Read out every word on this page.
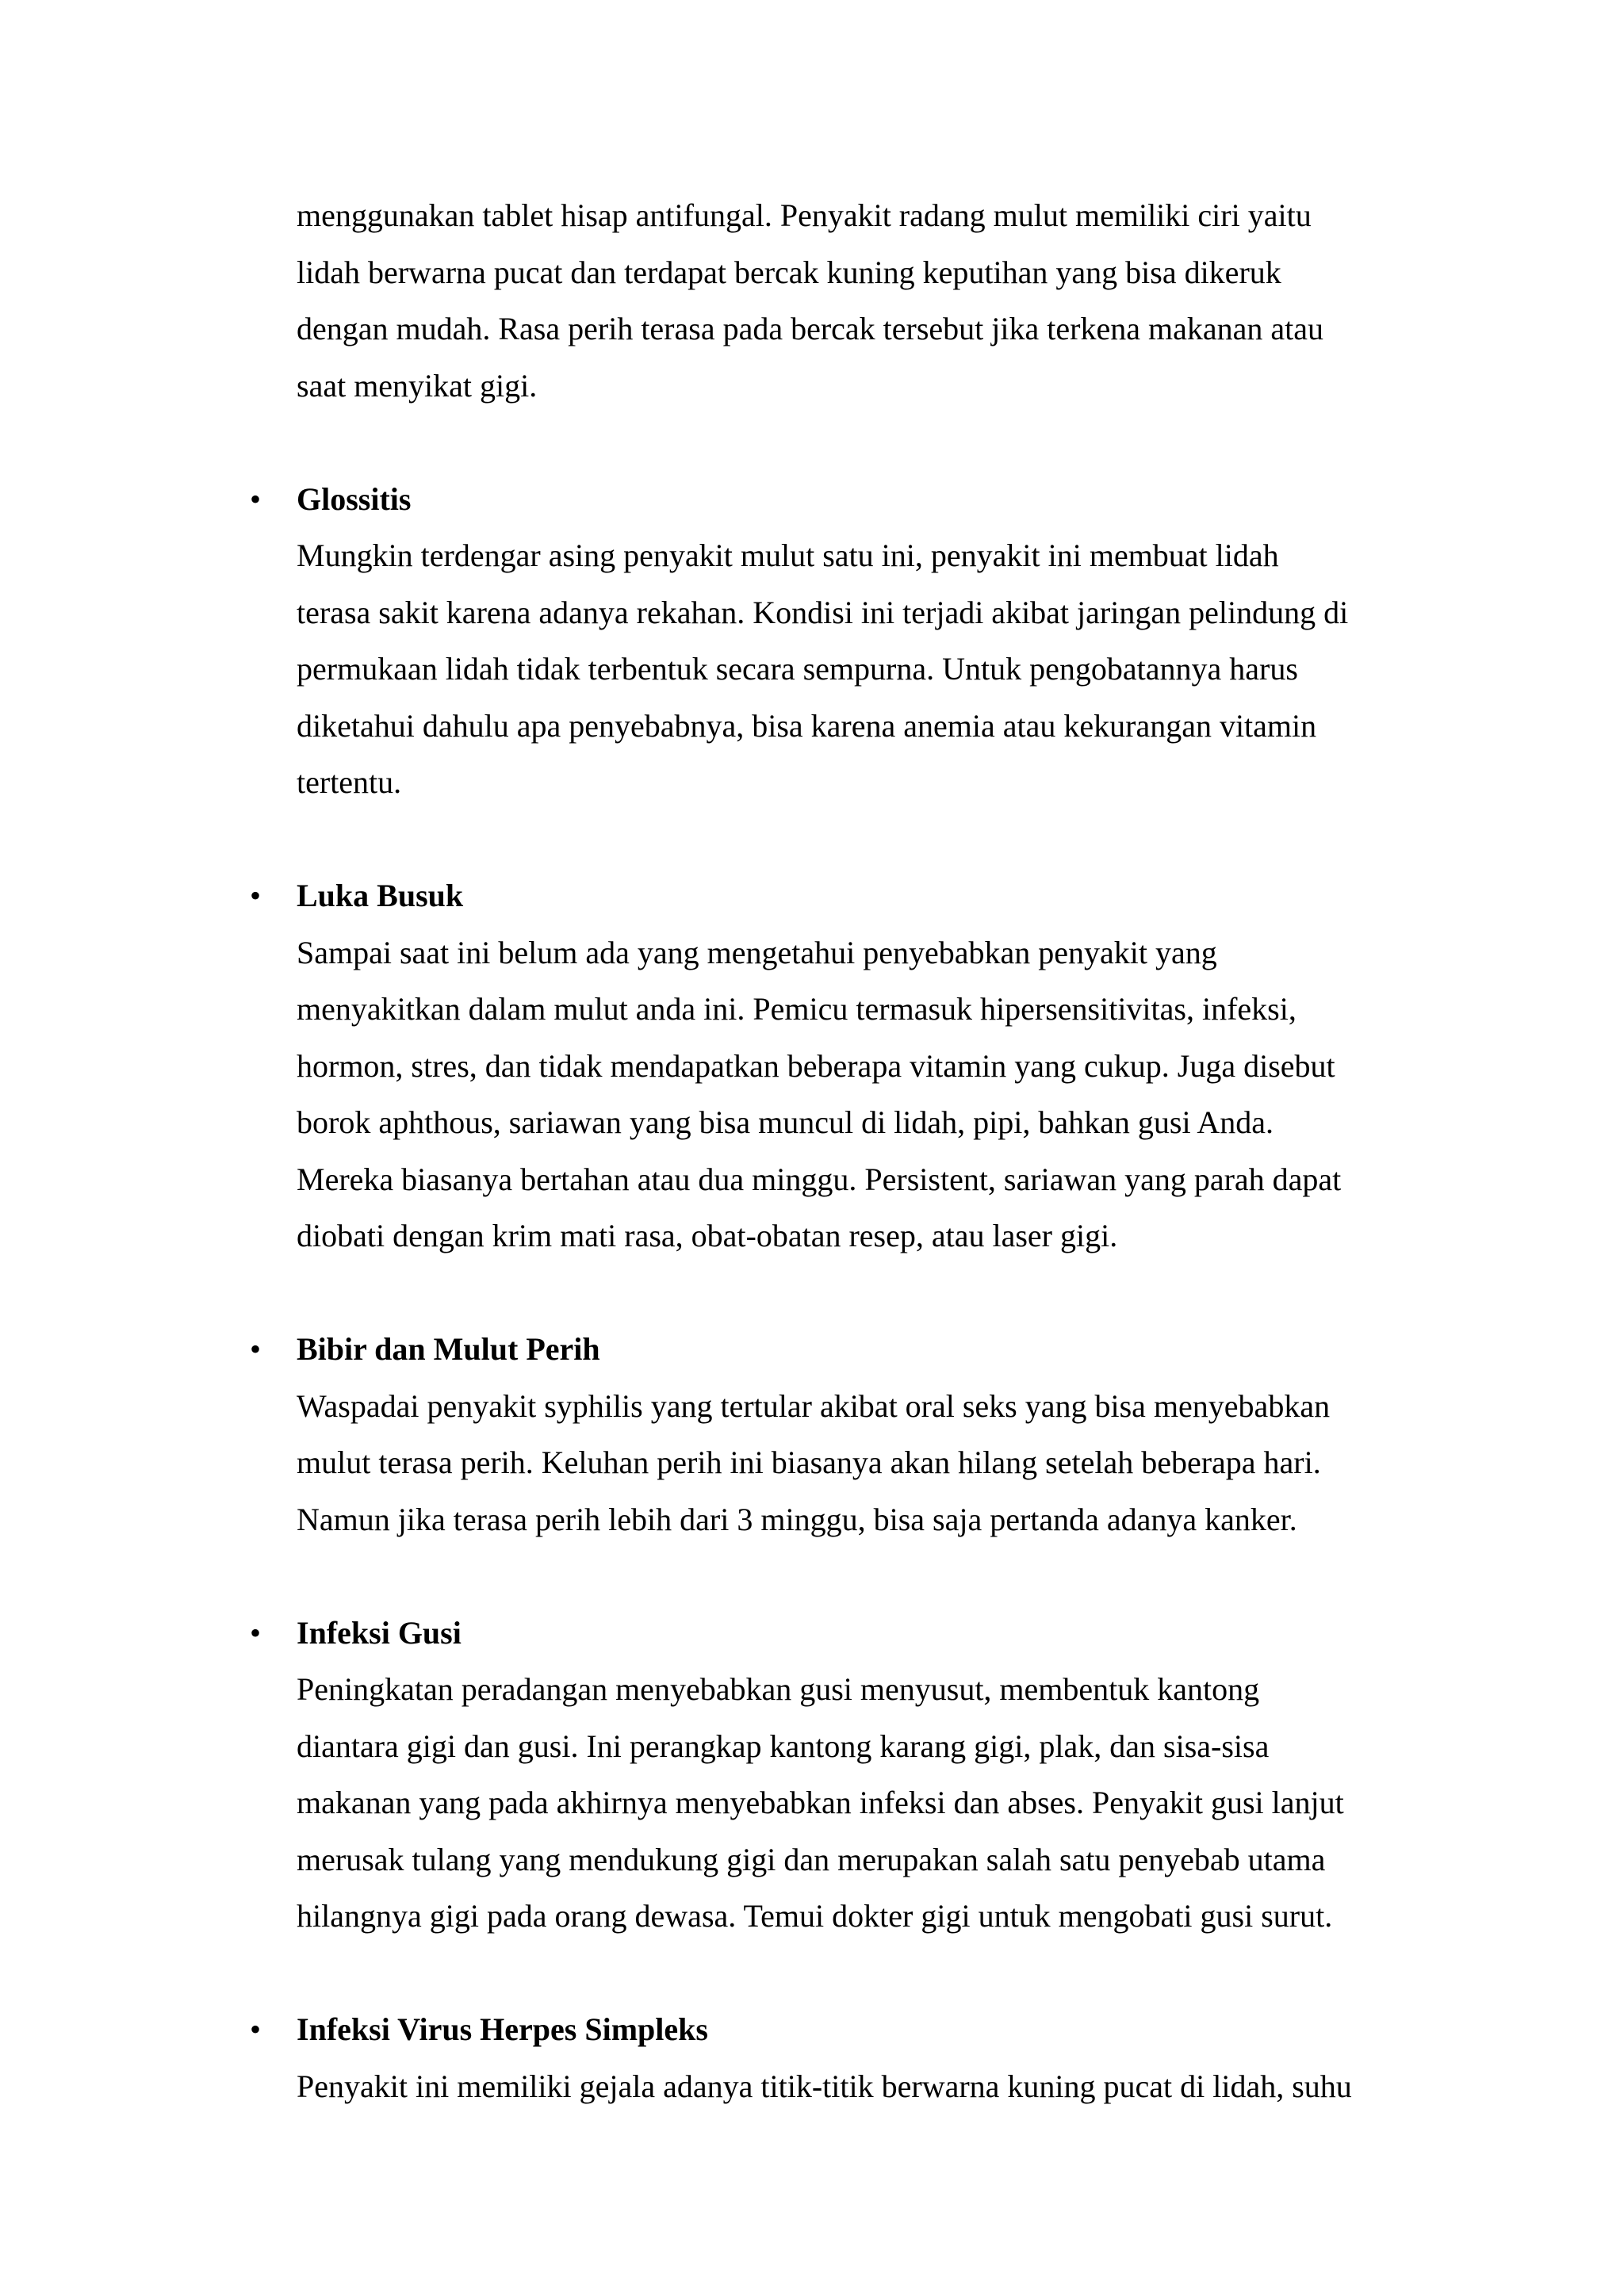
menggunakan tablet hisap antifungal. Penyakit radang mulut memiliki ciri yaitu
lidah berwarna pucat dan terdapat bercak kuning keputihan yang bisa dikeruk
dengan mudah. Rasa perih terasa pada bercak tersebut jika terkena makanan atau
saat menyikat gigi.
• Glossitis

Mungkin terdengar asing penyakit mulut satu ini, penyakit ini membuat lidah
terasa sakit karena adanya rekahan. Kondisi ini terjadi akibat jaringan pelindung di
permukaan lidah tidak terbentuk secara sempurna. Untuk pengobatannya harus
diketahui dahulu apa penyebabnya, bisa karena anemia atau kekurangan vitamin
tertentu.
• Luka Busuk

Sampai saat ini belum ada yang mengetahui penyebabkan penyakit yang
menyakitkan dalam mulut anda ini. Pemicu termasuk hipersensitivitas, infeksi,
hormon, stres, dan tidak mendapatkan beberapa vitamin yang cukup. Juga disebut
borok aphthous, sariawan yang bisa muncul di lidah, pipi, bahkan gusi Anda.
Mereka biasanya bertahan atau dua minggu. Persistent, sariawan yang parah dapat
diobati dengan krim mati rasa, obat-obatan resep, atau laser gigi.
• Bibir dan Mulut Perih

Waspadai penyakit syphilis yang tertular akibat oral seks yang bisa menyebabkan
mulut terasa perih. Keluhan perih ini biasanya akan hilang setelah beberapa hari.
Namun jika terasa perih lebih dari 3 minggu, bisa saja pertanda adanya kanker.
• Infeksi Gusi

Peningkatan peradangan menyebabkan gusi menyusut, membentuk kantong
diantara gigi dan gusi. Ini perangkap kantong karang gigi, plak, dan sisa-sisa
makanan yang pada akhirnya menyebabkan infeksi dan abses. Penyakit gusi lanjut
merusak tulang yang mendukung gigi dan merupakan salah satu penyebab utama
hilangnya gigi pada orang dewasa. Temui dokter gigi untuk mengobati gusi surut.
• Infeksi Virus Herpes Simpleks

Penyakit ini memiliki gejala adanya titik-titik berwarna kuning pucat di lidah, suhu
